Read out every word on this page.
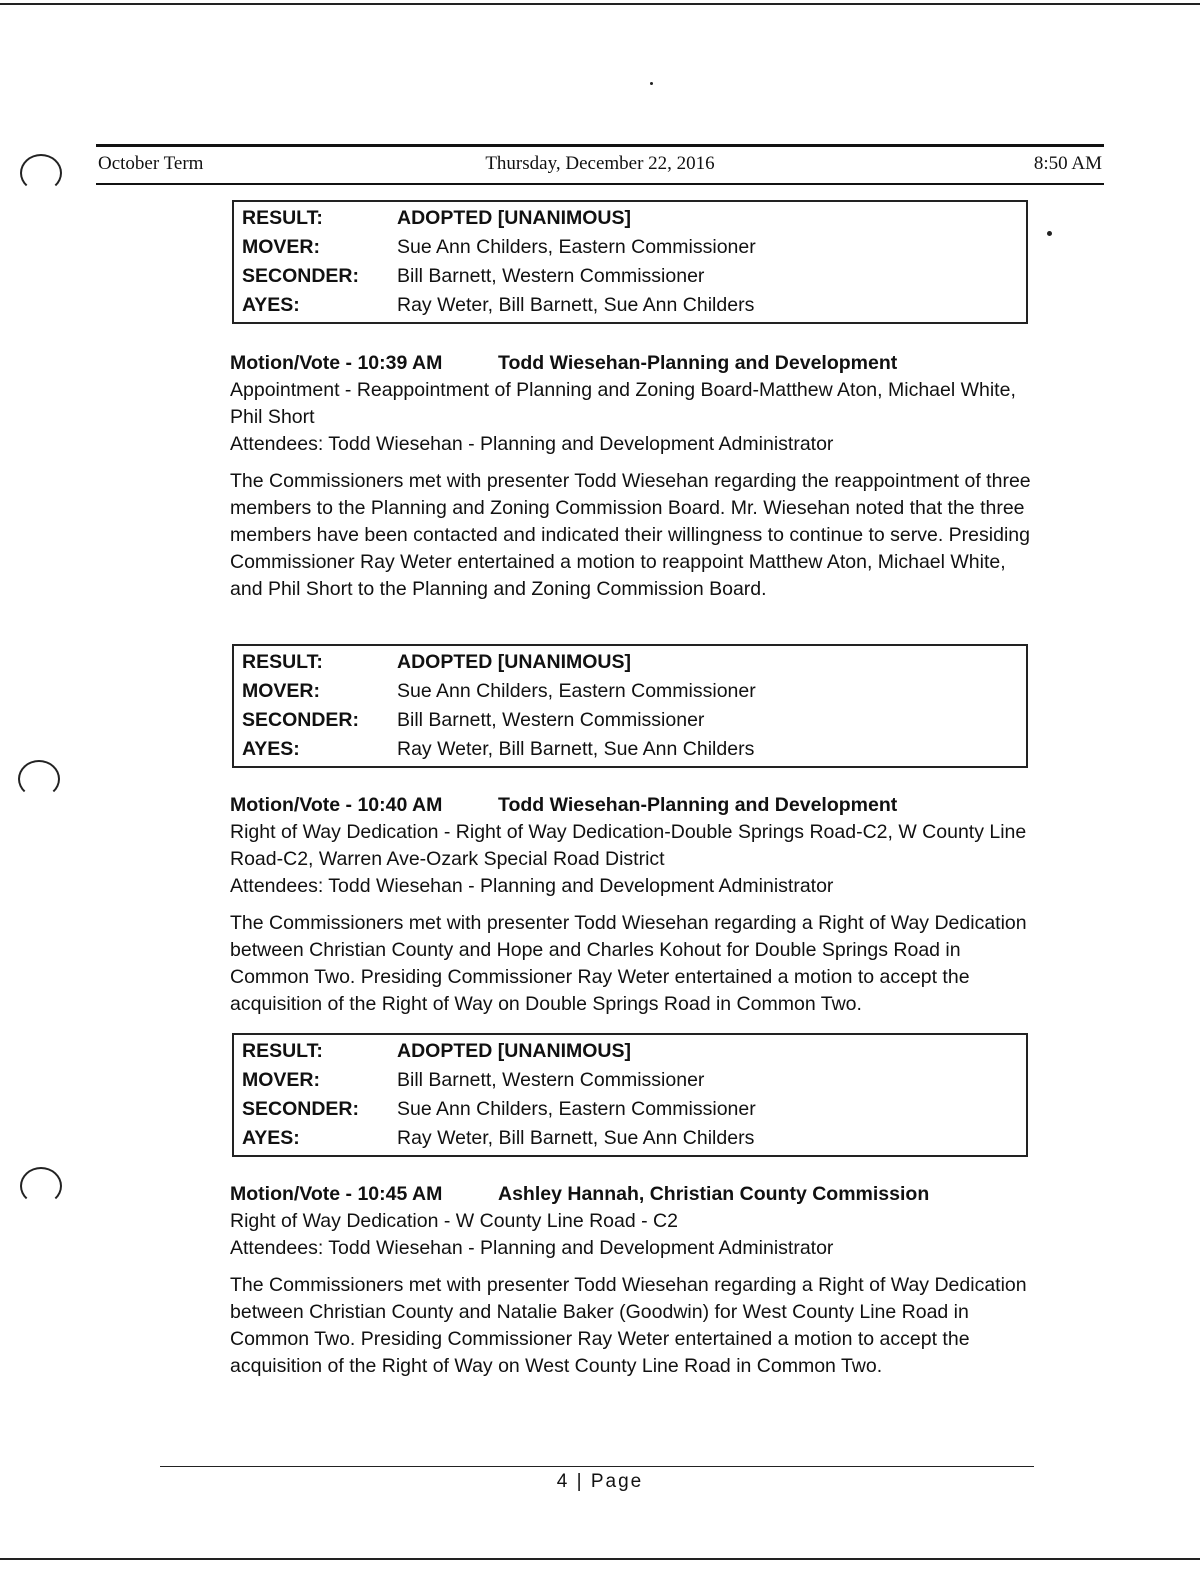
October Term	Thursday, December 22, 2016	8:50 AM
RESULT:	ADOPTED [UNANIMOUS]
MOVER:	Sue Ann Childers, Eastern Commissioner
SECONDER:	Bill Barnett, Western Commissioner
AYES:	Ray Weter, Bill Barnett, Sue Ann Childers

Motion/Vote - 10:39 AM	Todd Wiesehan-Planning and Development

Appointment - Reappointment of Planning and Zoning Board-Matthew Aton, Michael White, Phil Short

Attendees: Todd Wiesehan - Planning and Development Administrator

The Commissioners met with presenter Todd Wiesehan regarding the reappointment of three members to the Planning and Zoning Commission Board. Mr. Wiesehan noted that the three members have been contacted and indicated their willingness to continue to serve. Presiding Commissioner Ray Weter entertained a motion to reappoint Matthew Aton, Michael White, and Phil Short to the Planning and Zoning Commission Board.

RESULT:	ADOPTED [UNANIMOUS]
MOVER:	Sue Ann Childers, Eastern Commissioner
SECONDER:	Bill Barnett, Western Commissioner
AYES:	Ray Weter, Bill Barnett, Sue Ann Childers

Motion/Vote - 10:40 AM	Todd Wiesehan-Planning and Development

Right of Way Dedication - Right of Way Dedication-Double Springs Road-C2, W County Line Road-C2, Warren Ave-Ozark Special Road District

Attendees: Todd Wiesehan - Planning and Development Administrator

The Commissioners met with presenter Todd Wiesehan regarding a Right of Way Dedication between Christian County and Hope and Charles Kohout for Double Springs Road in Common Two. Presiding Commissioner Ray Weter entertained a motion to accept the acquisition of the Right of Way on Double Springs Road in Common Two.

RESULT:	ADOPTED [UNANIMOUS]
MOVER:	Bill Barnett, Western Commissioner
SECONDER:	Sue Ann Childers, Eastern Commissioner
AYES:	Ray Weter, Bill Barnett, Sue Ann Childers

Motion/Vote - 10:45 AM	Ashley Hannah, Christian County Commission

Right of Way Dedication - W County Line Road - C2

Attendees: Todd Wiesehan - Planning and Development Administrator

The Commissioners met with presenter Todd Wiesehan regarding a Right of Way Dedication between Christian County and Natalie Baker (Goodwin) for West County Line Road in Common Two. Presiding Commissioner Ray Weter entertained a motion to accept the acquisition of the Right of Way on West County Line Road in Common Two.

4 | Page
